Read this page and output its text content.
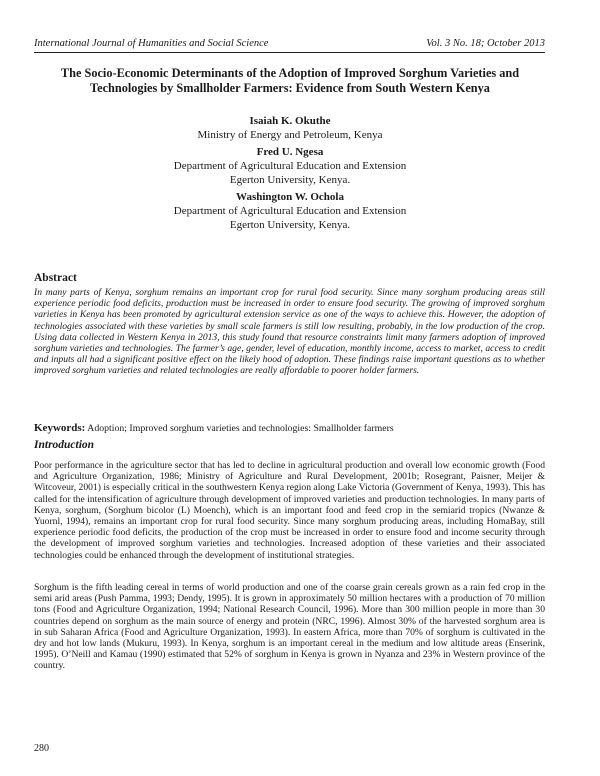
International Journal of Humanities and Social Science	Vol. 3 No. 18; October 2013
The Socio-Economic Determinants of the Adoption of Improved Sorghum Varieties and Technologies by Smallholder Farmers: Evidence from South Western Kenya
Isaiah K. Okuthe
Ministry of Energy and Petroleum, Kenya
Fred U. Ngesa
Department of Agricultural Education and Extension
Egerton University, Kenya.
Washington W. Ochola
Department of Agricultural Education and Extension
Egerton University, Kenya.
Abstract
In many parts of Kenya, sorghum remains an important crop for rural food security. Since many sorghum producing areas still experience periodic food deficits, production must be increased in order to ensure food security. The growing of improved sorghum varieties in Kenya has been promoted by agricultural extension service as one of the ways to achieve this. However, the adoption of technologies associated with these varieties by small scale farmers is still low resulting, probably, in the low production of the crop. Using data collected in Western Kenya in 2013, this study found that resource constraints limit many farmers adoption of improved sorghum varieties and technologies. The farmer’s age, gender, level of education, monthly income, access to market, access to credit and inputs all had a significant positive effect on the likely hood of adoption. These findings raise important questions as to whether improved sorghum varieties and related technologies are really affordable to poorer holder farmers.
Keywords: Adoption; Improved sorghum varieties and technologies: Smallholder farmers
Introduction
Poor performance in the agriculture sector that has led to decline in agricultural production and overall low economic growth (Food and Agriculture Organization, 1986; Ministry of Agriculture and Rural Development, 2001b; Rosegrant, Paisner, Meijer & Witcoveur, 2001) is especially critical in the southwestern Kenya region along Lake Victoria (Government of Kenya, 1993). This has called for the intensification of agriculture through development of improved varieties and production technologies. In many parts of Kenya, sorghum, (Sorghum bicolor (L) Moench), which is an important food and feed crop in the semiarid tropics (Nwanze & Yuornl, 1994), remains an important crop for rural food security. Since many sorghum producing areas, including HomaBay, still experience periodic food deficits, the production of the crop must be increased in order to ensure food and income security through the development of improved sorghum varieties and technologies. Increased adoption of these varieties and their associated technologies could be enhanced through the development of institutional strategies.
Sorghum is the fifth leading cereal in terms of world production and one of the coarse grain cereals grown as a rain fed crop in the semi arid areas (Push Pamma, 1993; Dendy, 1995). It is grown in approximately 50 million hectares with a production of 70 million tons (Food and Agriculture Organization, 1994; National Research Council, 1996). More than 300 million people in more than 30 countries depend on sorghum as the main source of energy and protein (NRC, 1996). Almost 30% of the harvested sorghum area is in sub Saharan Africa (Food and Agriculture Organization, 1993). In eastern Africa, more than 70% of sorghum is cultivated in the dry and hot low lands (Mukuru, 1993). In Kenya, sorghum is an important cereal in the medium and low altitude areas (Enserink, 1995). O’Neill and Kamau (1990) estimated that 52% of sorghum in Kenya is grown in Nyanza and 23% in Western province of the country.
280
